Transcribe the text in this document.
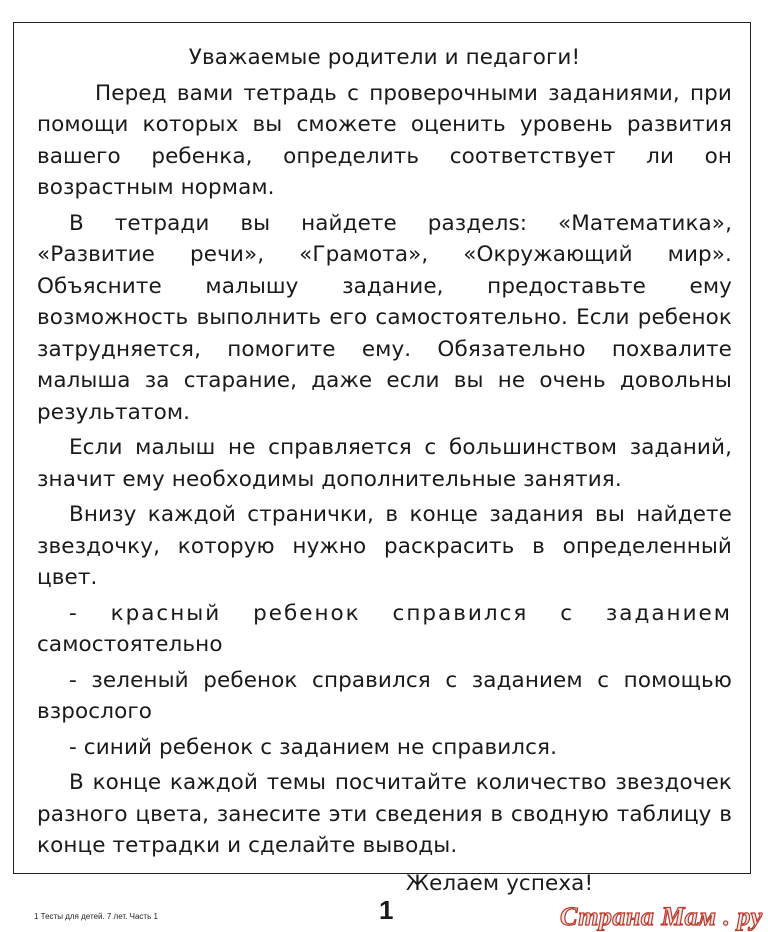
Уважаемые родители и педагоги!

Перед вами тетрадь с проверочными заданиями, при помощи которых вы сможете оценить уровень развития вашего ребенка, определить соответствует ли он возрастным нормам.

В тетради вы найдете разделs: «Математика», «Развитие речи», «Грамота», «Окружающий мир». Объясните малышу задание, предоставьте ему возможность выполнить его самостоятельно. Если ребенок затрудняется, помогите ему. Обязательно похвалите малыша за старание, даже если вы не очень довольны результатом.

Если малыш не справляется с большинством заданий, значит ему необходимы дополнительные занятия.

Внизу каждой странички, в конце задания вы найдете звездочку, которую нужно раскрасить в определенный цвет.

- красный ребенок справился с заданием

самостоятельно

- зеленый ребенок справился с заданием с помощью

взрослого

- синий ребенок с заданием не справился.

В конце каждой темы посчитайте количество звездочек разного цвета, занесите эти сведения в сводную таблицу в конце тетрадки и сделайте выводы.

Желаем успеха!

1 Тесты для детей. 7 лет. Часть 1	1	Страна Мам . ру
